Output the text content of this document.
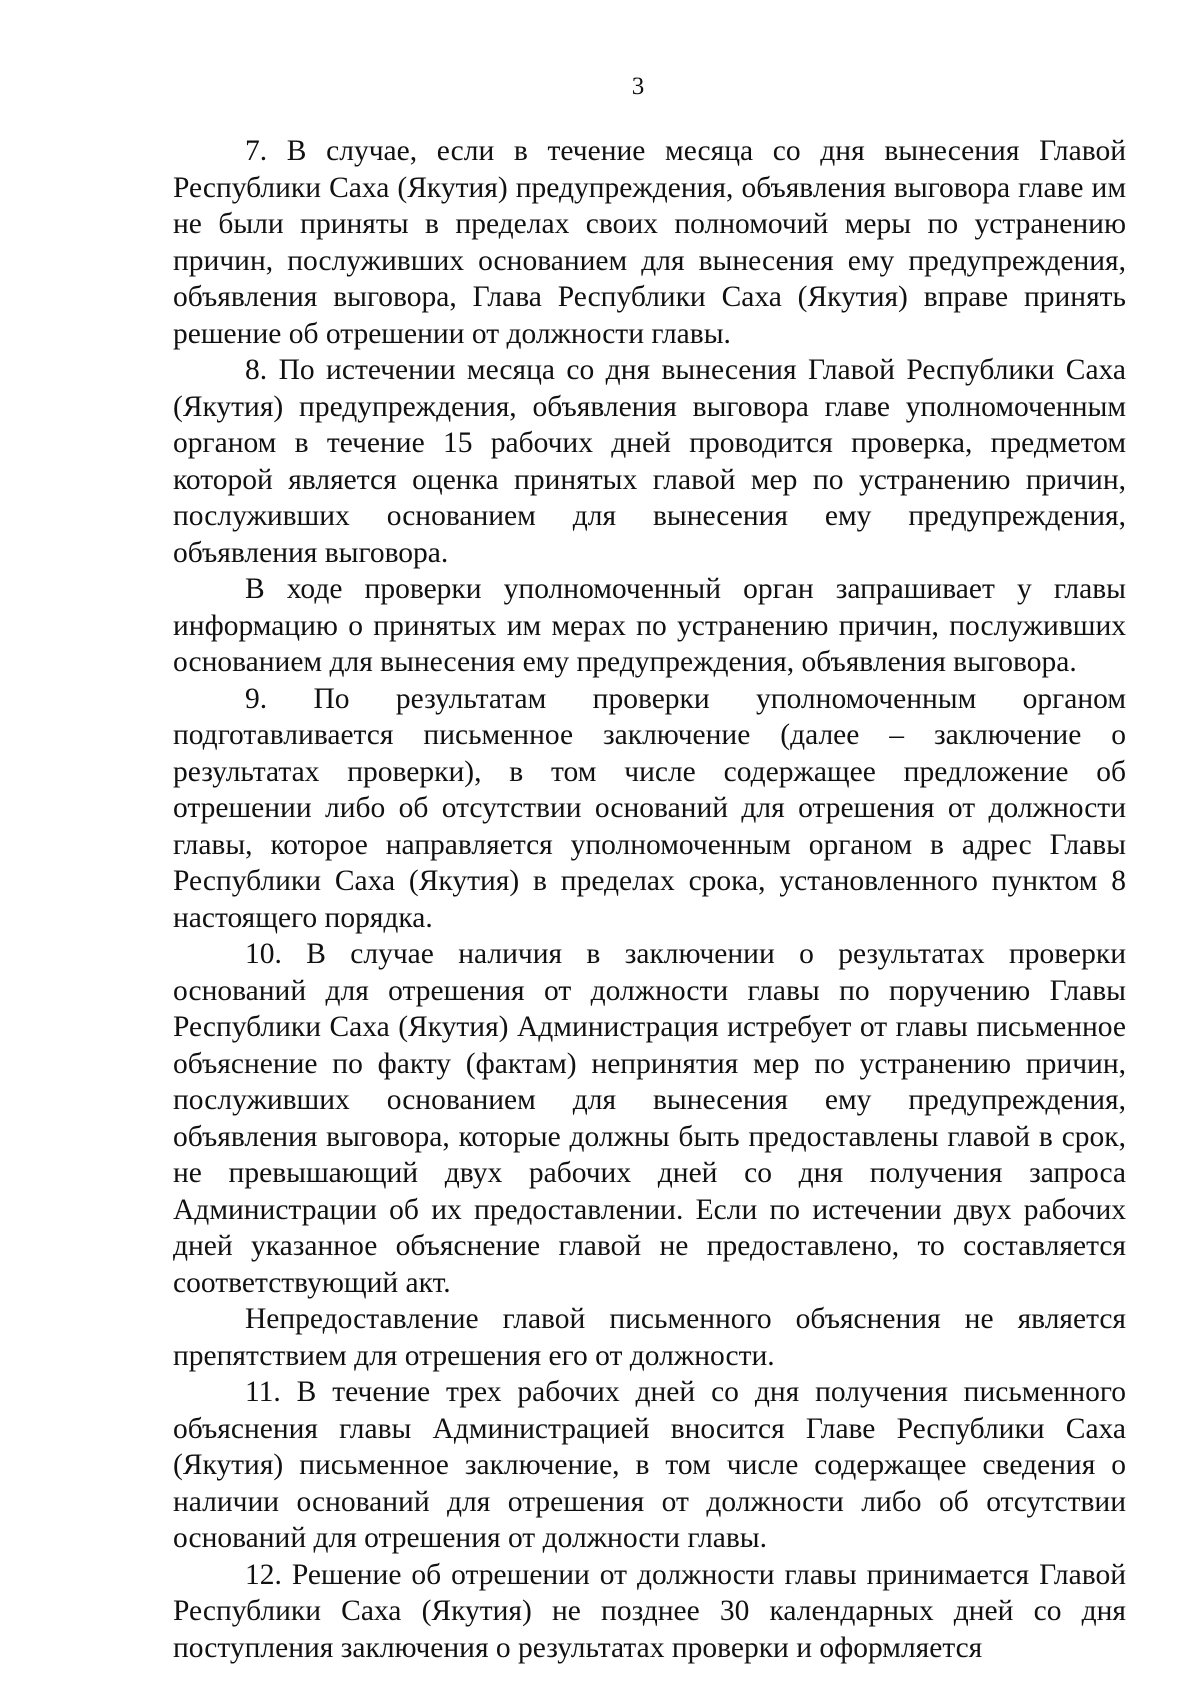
3

7. В случае, если в течение месяца со дня вынесения Главой Республики Саха (Якутия) предупреждения, объявления выговора главе им не были приняты в пределах своих полномочий меры по устранению причин, послуживших основанием для вынесения ему предупреждения, объявления выговора, Глава Республики Саха (Якутия) вправе принять решение об отрешении от должности главы.

8. По истечении месяца со дня вынесения Главой Республики Саха (Якутия) предупреждения, объявления выговора главе уполномоченным органом в течение 15 рабочих дней проводится проверка, предметом которой является оценка принятых главой мер по устранению причин, послуживших основанием для вынесения ему предупреждения, объявления выговора.

В ходе проверки уполномоченный орган запрашивает у главы информацию о принятых им мерах по устранению причин, послуживших основанием для вынесения ему предупреждения, объявления выговора.

9. По результатам проверки уполномоченным органом подготавливается письменное заключение (далее – заключение о результатах проверки), в том числе содержащее предложение об отрешении либо об отсутствии оснований для отрешения от должности главы, которое направляется уполномоченным органом в адрес Главы Республики Саха (Якутия) в пределах срока, установленного пунктом 8 настоящего порядка.

10. В случае наличия в заключении о результатах проверки оснований для отрешения от должности главы по поручению Главы Республики Саха (Якутия) Администрация истребует от главы письменное объяснение по факту (фактам) непринятия мер по устранению причин, послуживших основанием для вынесения ему предупреждения, объявления выговора, которые должны быть предоставлены главой в срок, не превышающий двух рабочих дней со дня получения запроса Администрации об их предоставлении. Если по истечении двух рабочих дней указанное объяснение главой не предоставлено, то составляется соответствующий акт.

Непредоставление главой письменного объяснения не является препятствием для отрешения его от должности.

11. В течение трех рабочих дней со дня получения письменного объяснения главы Администрацией вносится Главе Республики Саха (Якутия) письменное заключение, в том числе содержащее сведения о наличии оснований для отрешения от должности либо об отсутствии оснований для отрешения от должности главы.

12. Решение об отрешении от должности главы принимается Главой Республики Саха (Якутия) не позднее 30 календарных дней со дня поступления заключения о результатах проверки и оформляется
